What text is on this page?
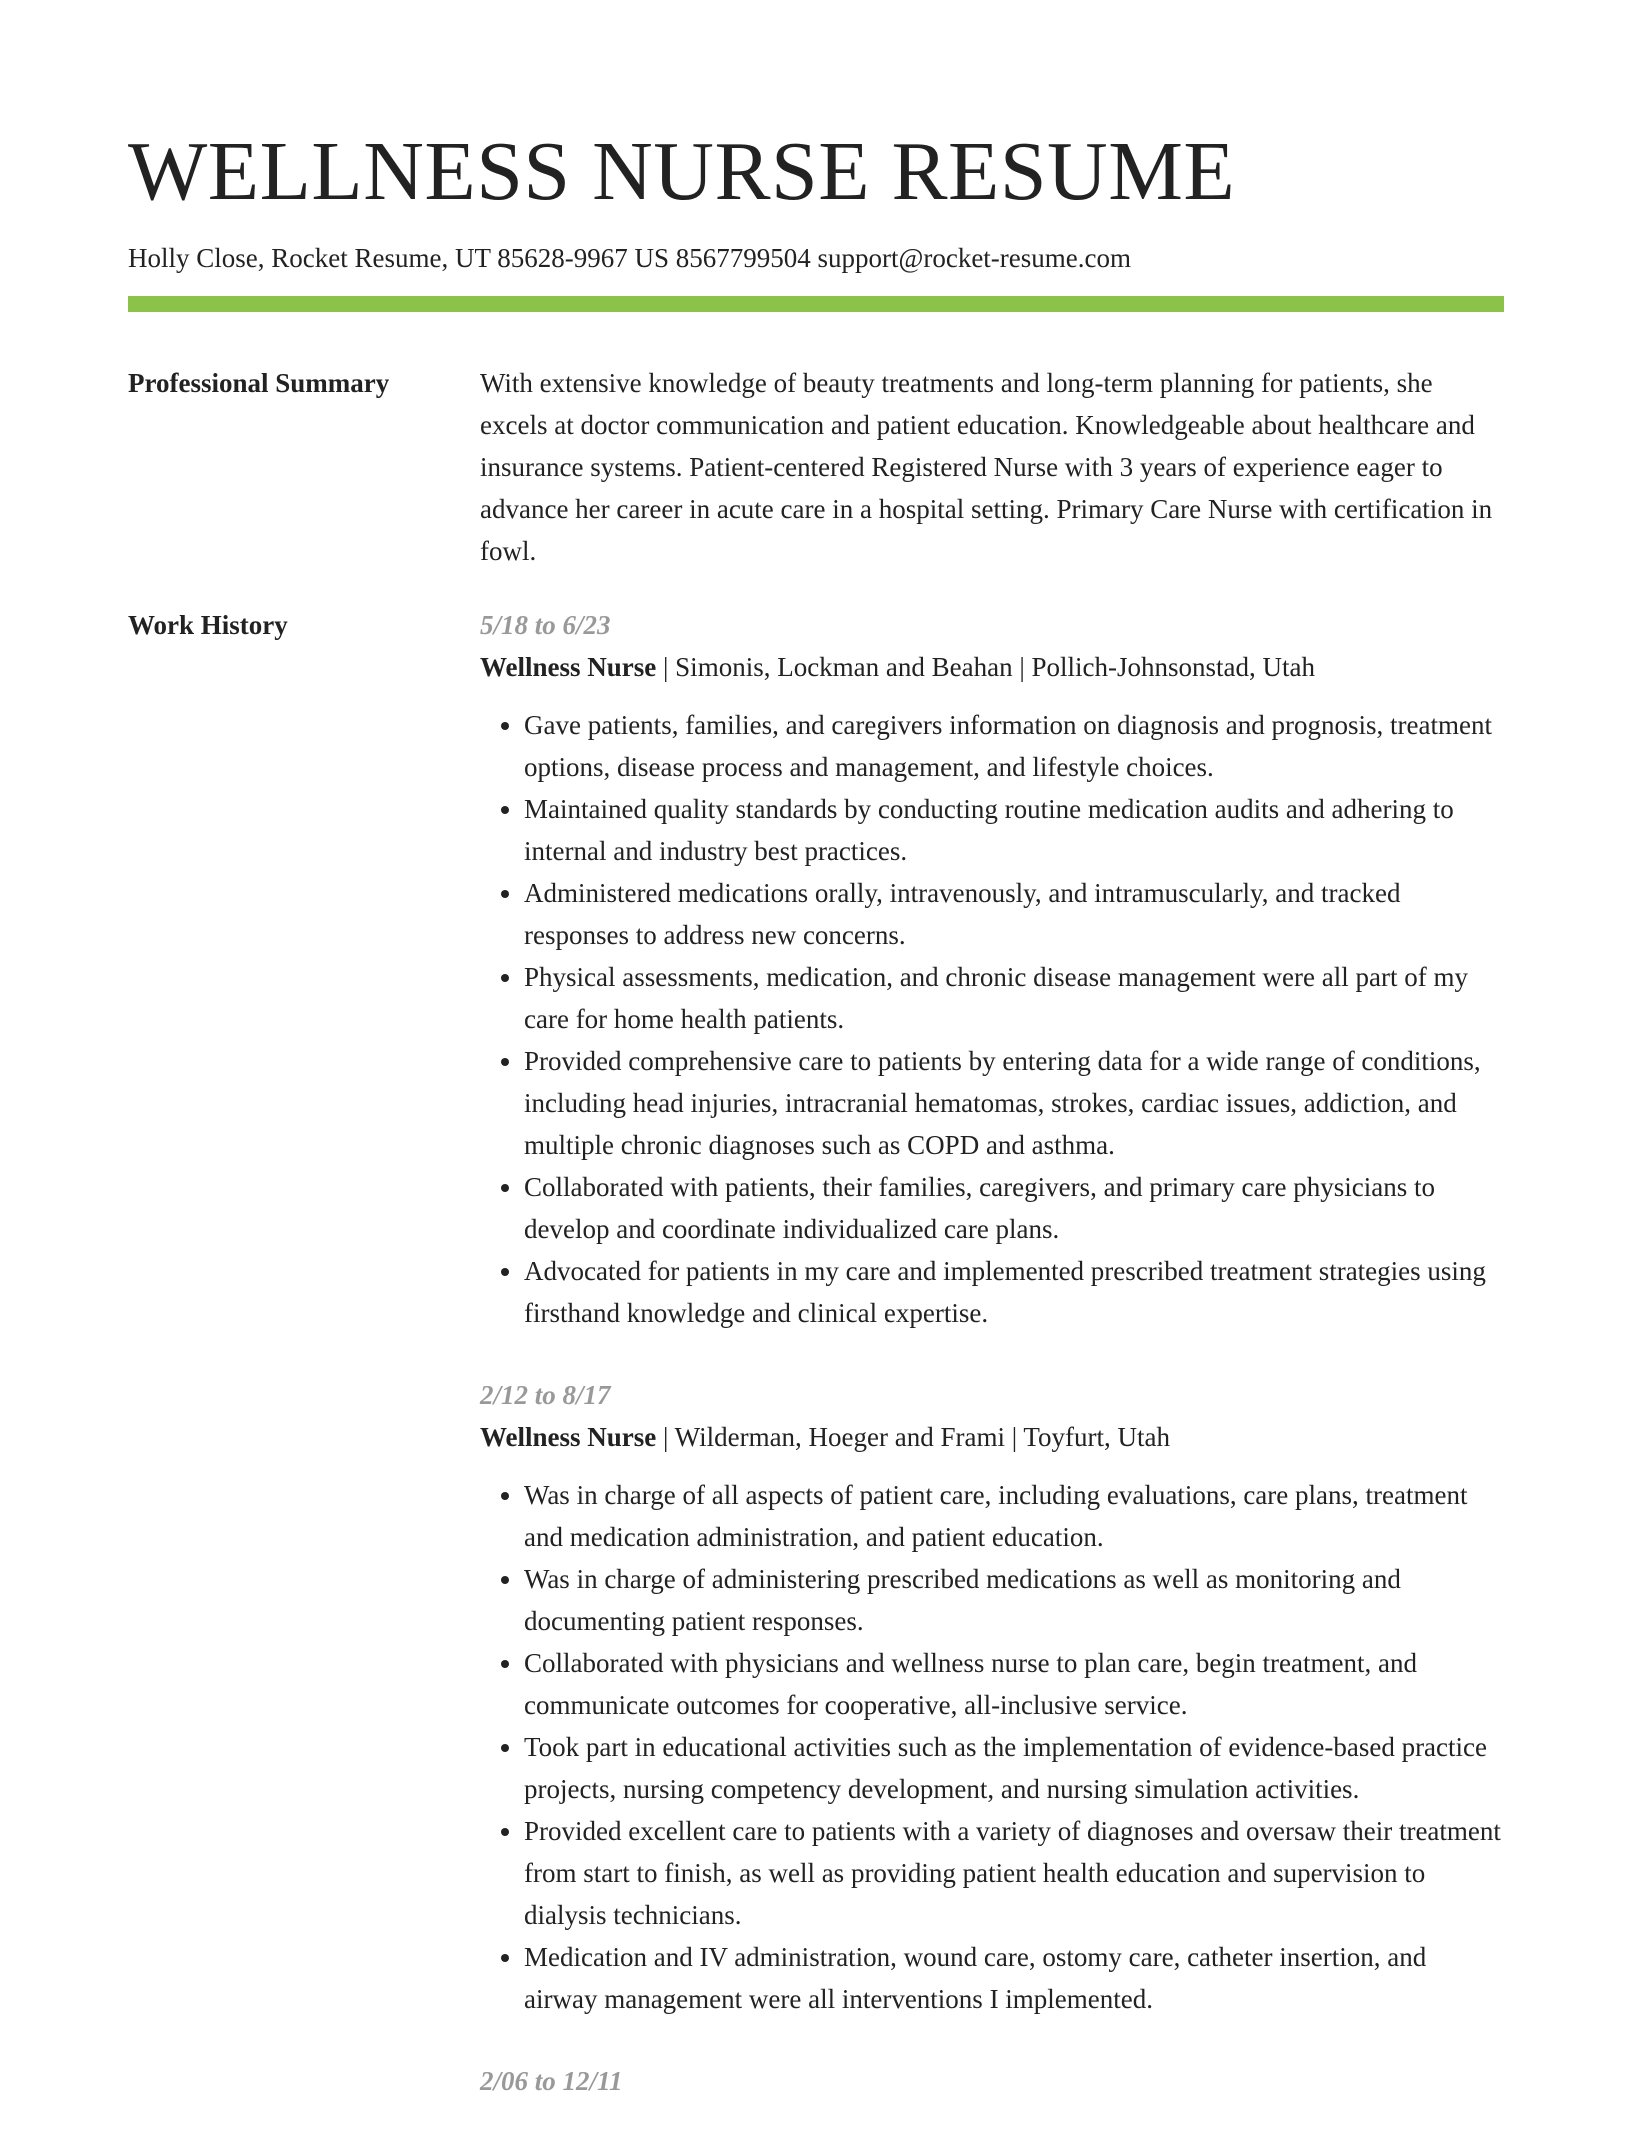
WELLNESS NURSE RESUME
Holly Close, Rocket Resume, UT 85628-9967 US 8567799504 support@rocket-resume.com
Professional Summary	With extensive knowledge of beauty treatments and long-term planning for patients, she excels at doctor communication and patient education. Knowledgeable about healthcare and insurance systems. Patient-centered Registered Nurse with 3 years of experience eager to advance her career in acute care in a hospital setting. Primary Care Nurse with certification in fowl.

Work History	5/18 to 6/23
Wellness Nurse | Simonis, Lockman and Beahan | Pollich-Johnsonstad, Utah
• Gave patients, families, and caregivers information on diagnosis and prognosis, treatment options, disease process and management, and lifestyle choices.
• Maintained quality standards by conducting routine medication audits and adhering to internal and industry best practices.
• Administered medications orally, intravenously, and intramuscularly, and tracked responses to address new concerns.
• Physical assessments, medication, and chronic disease management were all part of my care for home health patients.
• Provided comprehensive care to patients by entering data for a wide range of conditions, including head injuries, intracranial hematomas, strokes, cardiac issues, addiction, and multiple chronic diagnoses such as COPD and asthma.
• Collaborated with patients, their families, caregivers, and primary care physicians to develop and coordinate individualized care plans.
• Advocated for patients in my care and implemented prescribed treatment strategies using firsthand knowledge and clinical expertise.
2/12 to 8/17
Wellness Nurse | Wilderman, Hoeger and Frami | Toyfurt, Utah
• Was in charge of all aspects of patient care, including evaluations, care plans, treatment and medication administration, and patient education.
• Was in charge of administering prescribed medications as well as monitoring and documenting patient responses.
• Collaborated with physicians and wellness nurse to plan care, begin treatment, and communicate outcomes for cooperative, all-inclusive service.
• Took part in educational activities such as the implementation of evidence-based practice projects, nursing competency development, and nursing simulation activities.
• Provided excellent care to patients with a variety of diagnoses and oversaw their treatment from start to finish, as well as providing patient health education and supervision to dialysis technicians.
• Medication and IV administration, wound care, ostomy care, catheter insertion, and airway management were all interventions I implemented.
2/06 to 12/11
